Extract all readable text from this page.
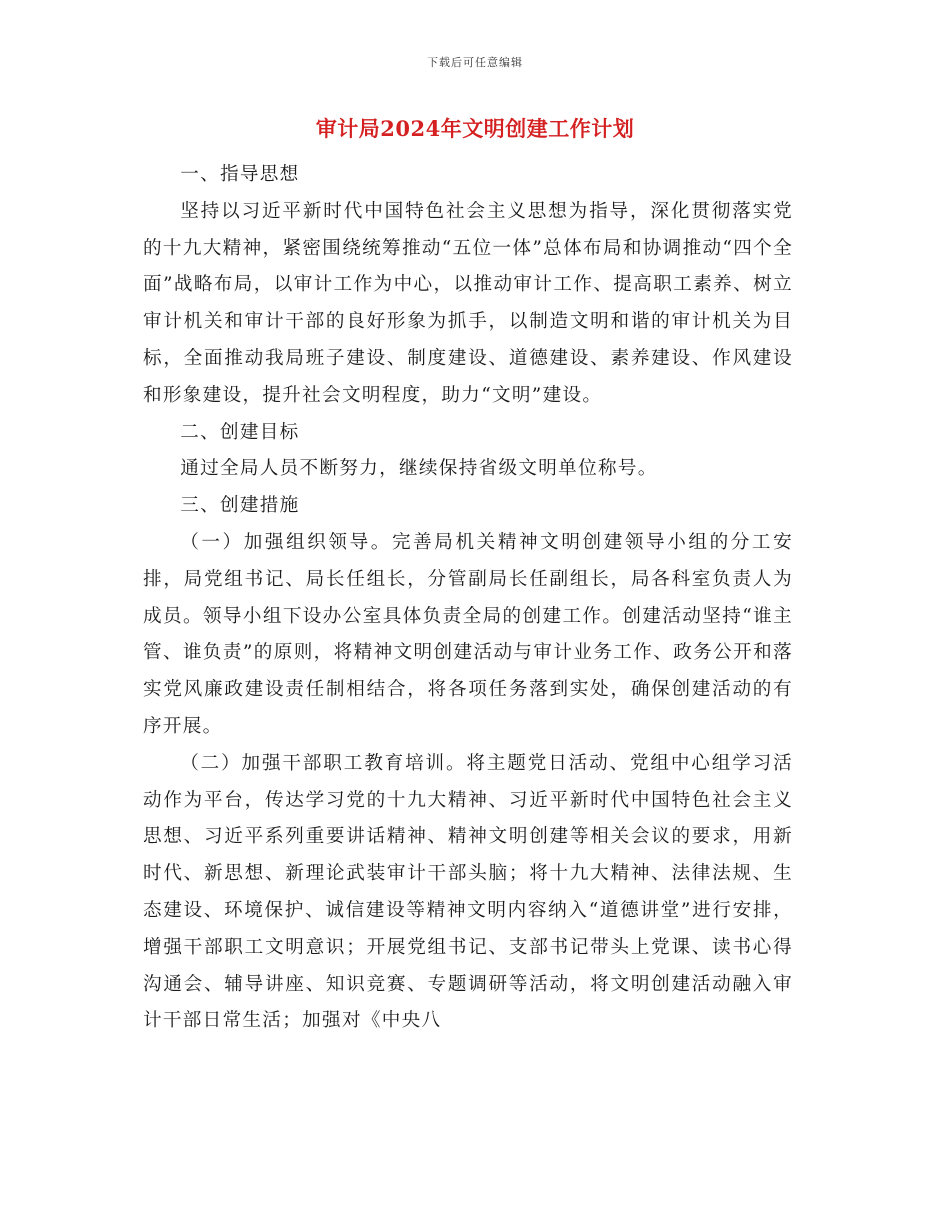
下载后可任意编辑
审计局2024年文明创建工作计划

一、指导思想

坚持以习近平新时代中国特色社会主义思想为指导，深化贯彻落实党的十九大精神，紧密围绕统筹推动“五位一体”总体布局和协调推动“四个全面”战略布局，以审计工作为中心，以推动审计工作、提高职工素养、树立审计机关和审计干部的良好形象为抓手，以制造文明和谐的审计机关为目标，全面推动我局班子建设、制度建设、道德建设、素养建设、作风建设和形象建设，提升社会文明程度，助力“文明”建设。

二、创建目标

通过全局人员不断努力，继续保持省级文明单位称号。

三、创建措施

（一）加强组织领导。完善局机关精神文明创建领导小组的分工安排，局党组书记、局长任组长，分管副局长任副组长，局各科室负责人为成员。领导小组下设办公室具体负责全局的创建工作。创建活动坚持“谁主管、谁负责”的原则，将精神文明创建活动与审计业务工作、政务公开和落实党风廉政建设责任制相结合，将各项任务落到实处，确保创建活动的有序开展。

（二）加强干部职工教育培训。将主题党日活动、党组中心组学习活动作为平台，传达学习党的十九大精神、习近平新时代中国特色社会主义思想、习近平系列重要讲话精神、精神文明创建等相关会议的要求，用新时代、新思想、新理论武装审计干部头脑；将十九大精神、法律法规、生态建设、环境保护、诚信建设等精神文明内容纳入“道德讲堂”进行安排，增强干部职工文明意识；开展党组书记、支部书记带头上党课、读书心得沟通会、辅导讲座、知识竞赛、专题调研等活动，将文明创建活动融入审计干部日常生活；加强对《中央八
